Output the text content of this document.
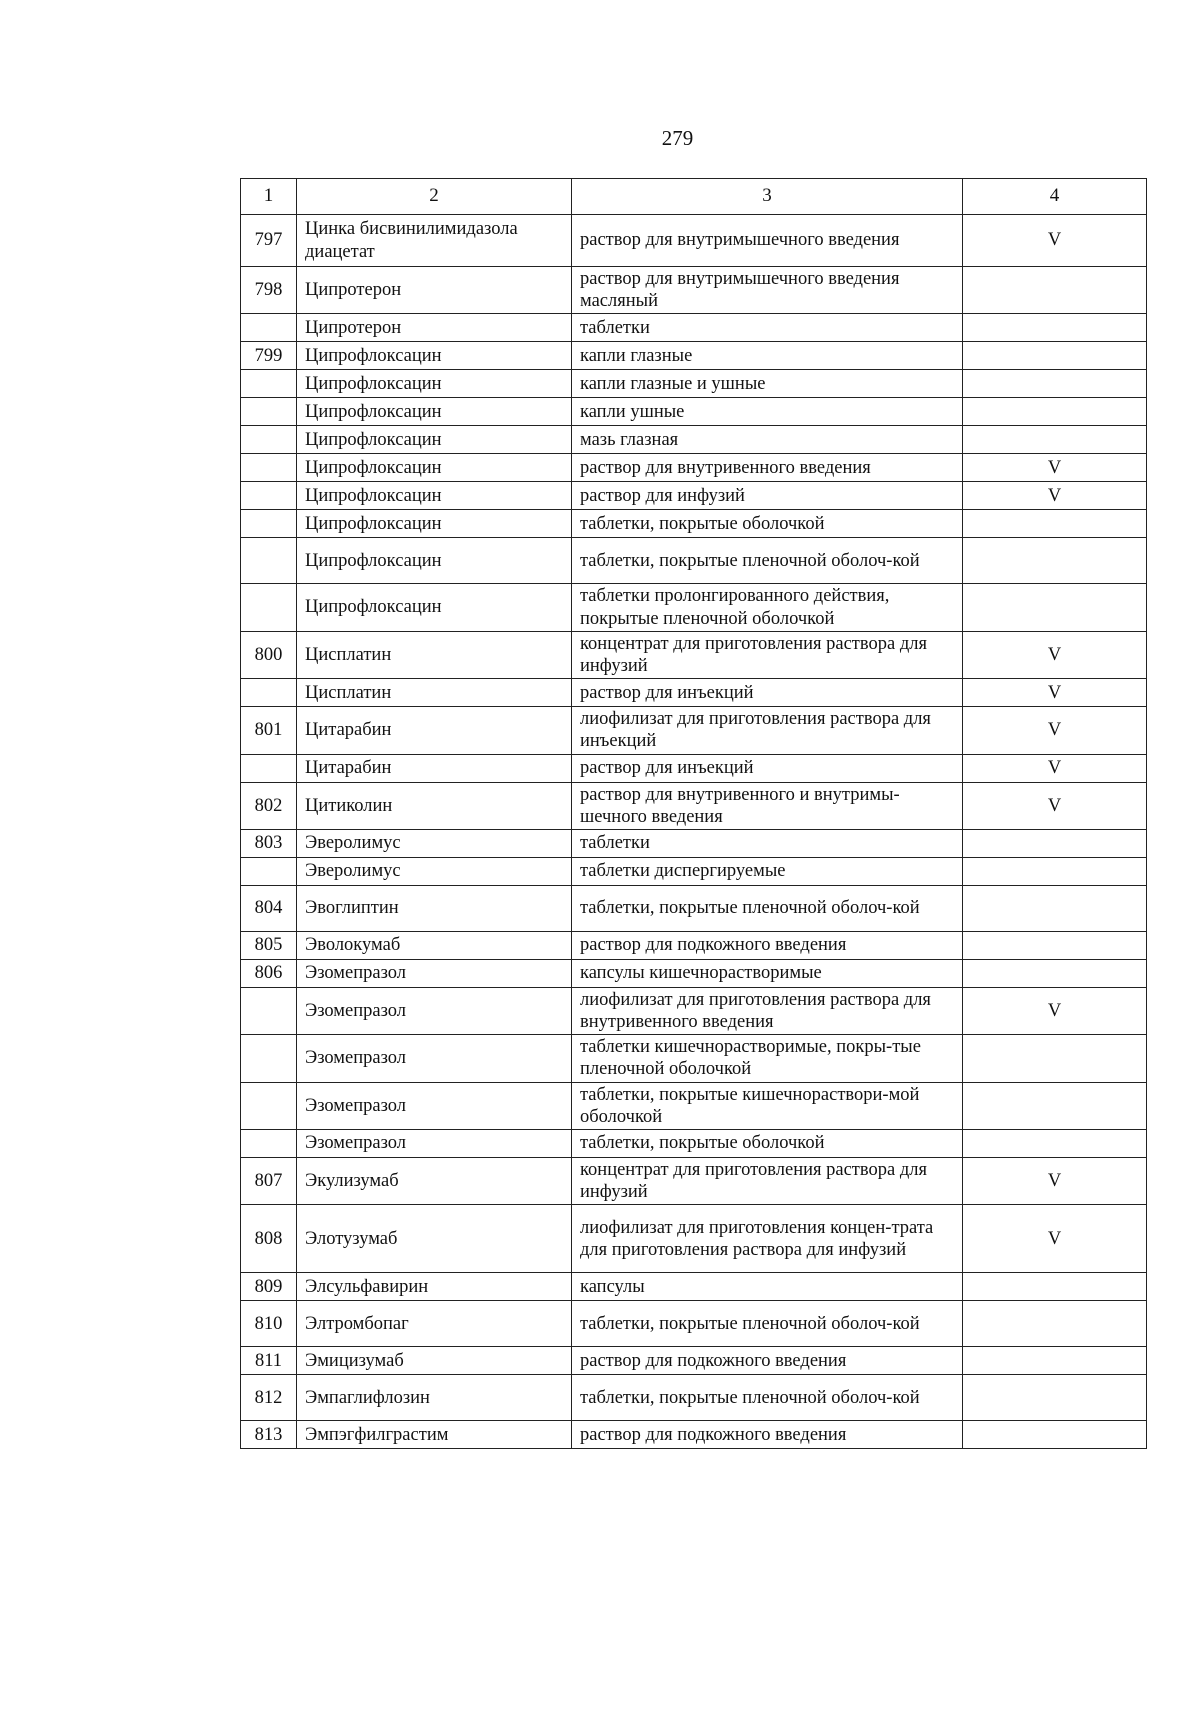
279
1	2	3	4
797	Цинка бисвинилимидазола диацетат	раствор для внутримышечного введения	V
798	Ципротерон	раствор для внутримышечного введения масляный	
	Ципротерон	таблетки	
799	Ципрофлоксацин	капли глазные	
	Ципрофлоксацин	капли глазные и ушные	
	Ципрофлоксацин	капли ушные	
	Ципрофлоксацин	мазь глазная	
	Ципрофлоксацин	раствор для внутривенного введения	V
	Ципрофлоксацин	раствор для инфузий	V
	Ципрофлоксацин	таблетки, покрытые оболочкой	
	Ципрофлоксацин	таблетки, покрытые пленочной оболоч-кой	
	Ципрофлоксацин	таблетки пролонгированного действия, покрытые пленочной оболочкой	
800	Цисплатин	концентрат для приготовления раствора для инфузий	V
	Цисплатин	раствор для инъекций	V
801	Цитарабин	лиофилизат для приготовления раствора для инъекций	V
	Цитарабин	раствор для инъекций	V
802	Цитиколин	раствор для внутривенного и внутримы-шечного введения	V
803	Эверолимус	таблетки	
	Эверолимус	таблетки диспергируемые	
804	Эвоглиптин	таблетки, покрытые пленочной оболоч-кой	
805	Эволокумаб	раствор для подкожного введения	
806	Эзомепразол	капсулы кишечнорастворимые	
	Эзомепразол	лиофилизат для приготовления раствора для внутривенного введения	V
	Эзомепразол	таблетки кишечнорастворимые, покры-тые пленочной оболочкой	
	Эзомепразол	таблетки, покрытые кишечнораствори-мой оболочкой	
	Эзомепразол	таблетки, покрытые оболочкой	
807	Экулизумаб	концентрат для приготовления раствора для инфузий	V
808	Элотузумаб	лиофилизат для приготовления концен-трата для приготовления раствора для инфузий	V
809	Элсульфавирин	капсулы	
810	Элтромбопаг	таблетки, покрытые пленочной оболоч-кой	
811	Эмицизумаб	раствор для подкожного введения	
812	Эмпаглифлозин	таблетки, покрытые пленочной оболоч-кой	
813	Эмпэгфилграстим	раствор для подкожного введения	
